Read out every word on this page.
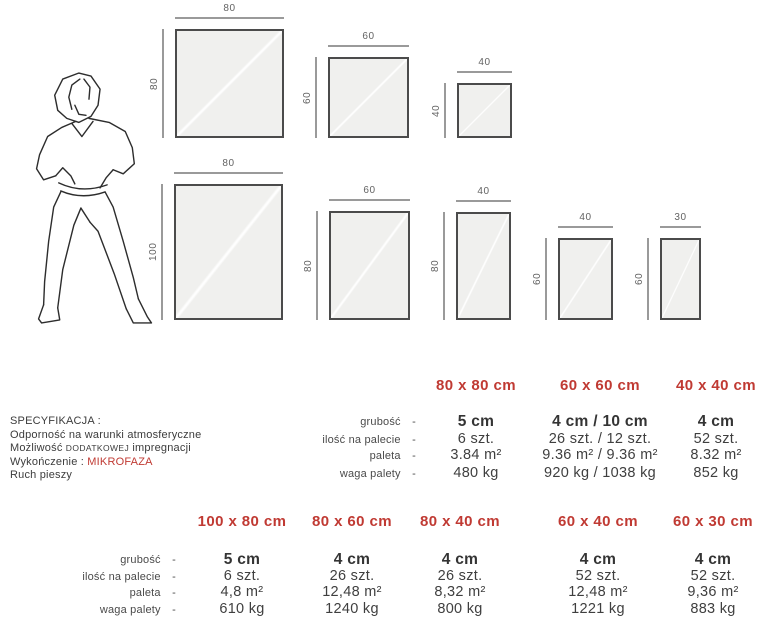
80
80
60
60
40
40
80
100
60
80
40
80
40
60
30
60
SPECYFIKACJA :
Odporność na warunki atmosferyczne
Możliwość DODATKOWEJ impregnacji
Wykończenie : MIKROFAZA
Ruch pieszy
grubość  -
ilość na palecie  -
paleta  -
waga palety  -
80 x 80 cm
5 cm
6 szt.
3.84 m²
480 kg
60 x 60 cm
4 cm / 10 cm
26 szt. / 12 szt.
9.36 m² / 9.36 m²
920 kg / 1038 kg
40 x 40 cm
4 cm
52 szt.
8.32 m²
852 kg
grubość  -
ilość na palecie  -
paleta  -
waga palety  -
100 x 80 cm
5 cm
6 szt.
4,8 m²
610 kg
80 x 60 cm
4 cm
26 szt.
12,48 m²
1240 kg
80 x 40 cm
4 cm
26 szt.
8,32 m²
800 kg
60 x 40 cm
4 cm
52 szt.
12,48 m²
1221 kg
60 x 30 cm
4 cm
52 szt.
9,36 m²
883 kg
